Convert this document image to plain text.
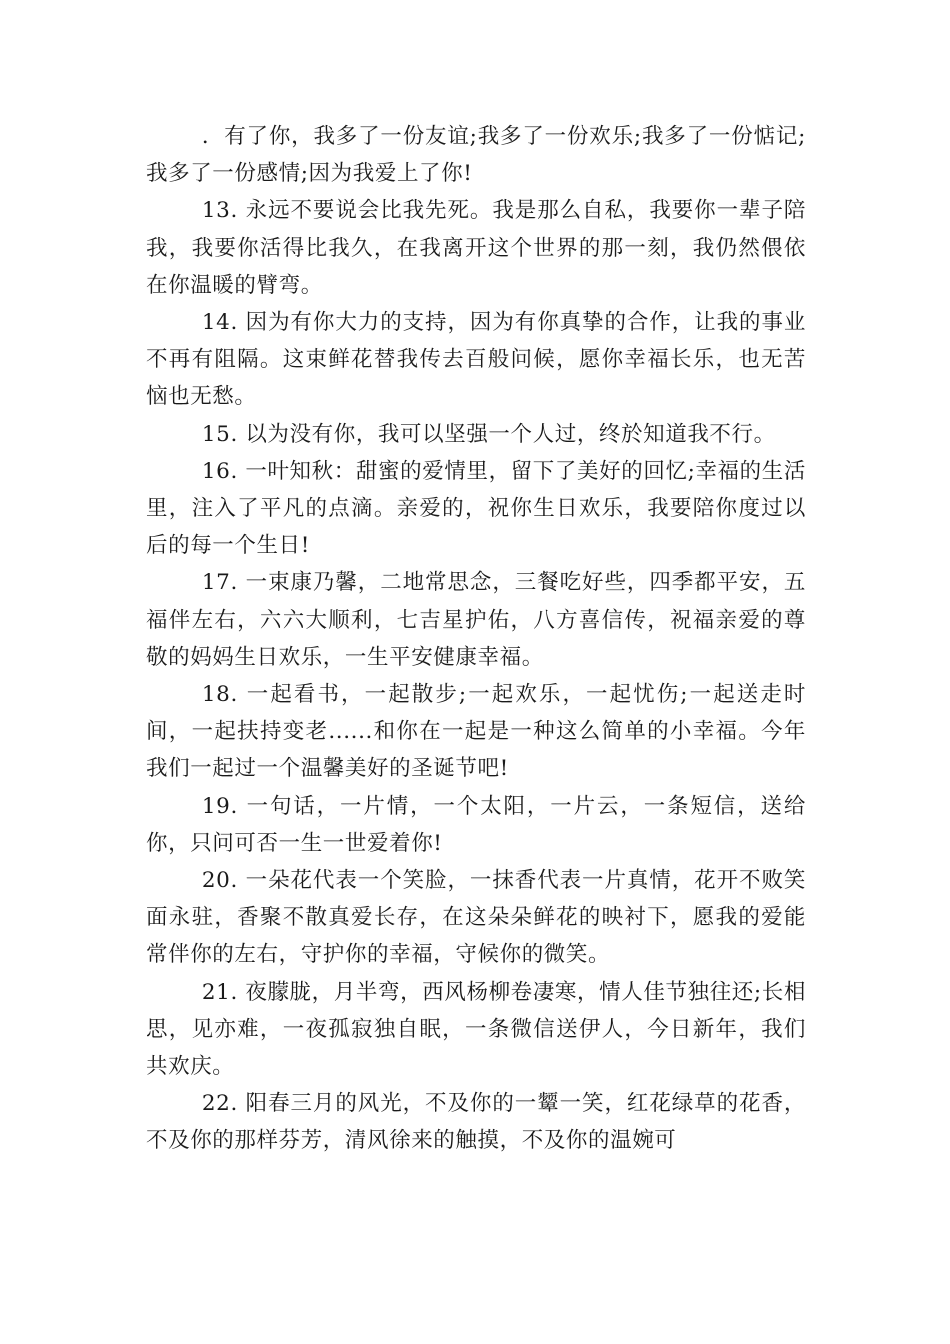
．有了你，我多了一份友谊;我多了一份欢乐;我多了一份惦记;我多了一份感情;因为我爱上了你!

13. 永远不要说会比我先死。我是那么自私，我要你一辈子陪我，我要你活得比我久，在我离开这个世界的那一刻，我仍然偎依在你温暖的臂弯。

14. 因为有你大力的支持，因为有你真挚的合作，让我的事业不再有阻隔。这束鲜花替我传去百般问候，愿你幸福长乐，也无苦恼也无愁。

15. 以为没有你，我可以坚强一个人过，终於知道我不行。

16. 一叶知秋：甜蜜的爱情里，留下了美好的回忆;幸福的生活里，注入了平凡的点滴。亲爱的，祝你生日欢乐，我要陪你度过以后的每一个生日!

17. 一束康乃馨，二地常思念，三餐吃好些，四季都平安，五福伴左右，六六大顺利，七吉星护佑，八方喜信传，祝福亲爱的尊敬的妈妈生日欢乐，一生平安健康幸福。

18. 一起看书，一起散步;一起欢乐，一起忧伤;一起送走时间，一起扶持变老......和你在一起是一种这么简单的小幸福。今年我们一起过一个温馨美好的圣诞节吧!

19. 一句话，一片情，一个太阳，一片云，一条短信，送给你，只问可否一生一世爱着你!

20. 一朵花代表一个笑脸，一抹香代表一片真情，花开不败笑面永驻，香聚不散真爱长存，在这朵朵鲜花的映衬下，愿我的爱能常伴你的左右，守护你的幸福，守候你的微笑。

21. 夜朦胧，月半弯，西风杨柳卷凄寒，情人佳节独往还;长相思，见亦难，一夜孤寂独自眠，一条微信送伊人，今日新年，我们共欢庆。

22. 阳春三月的风光，不及你的一颦一笑，红花绿草的花香，不及你的那样芬芳，清风徐来的触摸，不及你的温婉可
